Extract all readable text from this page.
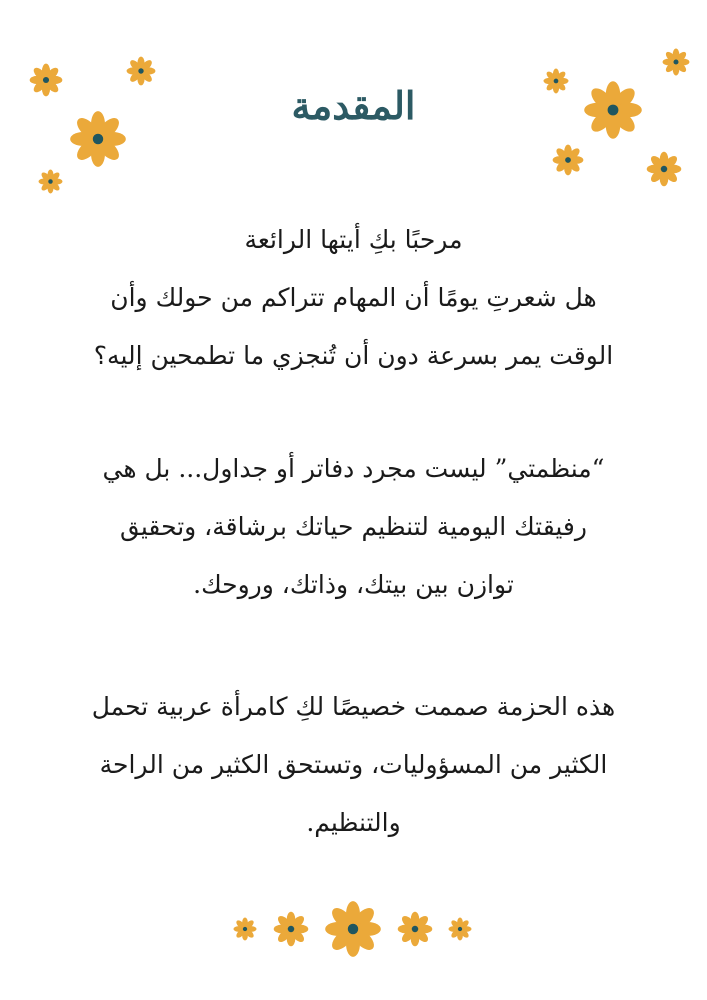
المقدمة

مرحبًا بكِ أيتها الرائعة
هل شعرتِ يومًا أن المهام تتراكم من حولك وأن
الوقت يمر بسرعة دون أن تُنجزي ما تطمحين إليه؟

“منظمتي” ليست مجرد دفاتر أو جداول... بل هي
رفيقتك اليومية لتنظيم حياتك برشاقة، وتحقيق
توازن بين بيتك، وذاتك، وروحك.

هذه الحزمة صممت خصيصًا لكِ كامرأة عربية تحمل
الكثير من المسؤوليات، وتستحق الكثير من الراحة
والتنظيم.
